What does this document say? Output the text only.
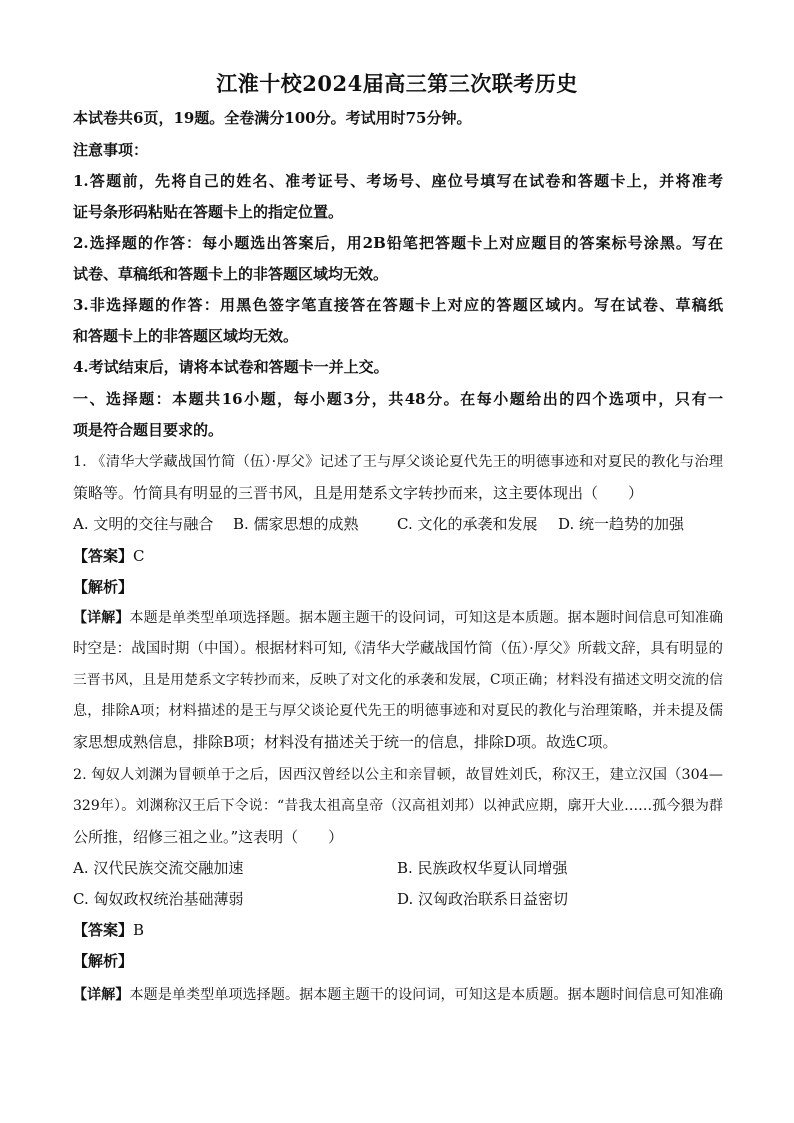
江淮十校2024届高三第三次联考历史
本试卷共6页，19题。全卷满分100分。考试用时75分钟。
注意事项：
1.答题前，先将自己的姓名、准考证号、考场号、座位号填写在试卷和答题卡上，并将准考
证号条形码粘贴在答题卡上的指定位置。
2.选择题的作答：每小题选出答案后，用2B铅笔把答题卡上对应题目的答案标号涂黑。写在
试卷、草稿纸和答题卡上的非答题区域均无效。
3.非选择题的作答：用黑色签字笔直接答在答题卡上对应的答题区域内。写在试卷、草稿纸
和答题卡上的非答题区域均无效。
4.考试结束后，请将本试卷和答题卡一并上交。
一、选择题：本题共16小题，每小题3分，共48分。在每小题给出的四个选项中，只有一
项是符合题目要求的。
1. 《清华大学藏战国竹简（伍）·厚父》记述了王与厚父谈论夏代先王的明德事迹和对夏民的教化与治理
策略等。竹简具有明显的三晋书风，且是用楚系文字转抄而来，这主要体现出（　　）
A. 文明的交往与融合 B. 儒家思想的成熟	C. 文化的承袭和发展 D. 统一趋势的加强
【答案】C
【解析】
【详解】本题是单类型单项选择题。据本题主题干的设问词，可知这是本质题。据本题时间信息可知准确
时空是：战国时期（中国）。根据材料可知,《清华大学藏战国竹简（伍）·厚父》所载文辞，具有明显的
三晋书风，且是用楚系文字转抄而来，反映了对文化的承袭和发展，C项正确；材料没有描述文明交流的信
息，排除A项；材料描述的是王与厚父谈论夏代先王的明德事迹和对夏民的教化与治理策略，并未提及儒
家思想成熟信息，排除B项；材料没有描述关于统一的信息，排除D项。故选C项。
2. 匈奴人刘渊为冒顿单于之后，因西汉曾经以公主和亲冒顿，故冒姓刘氏，称汉王，建立汉国（304—
329年）。刘渊称汉王后下令说：“昔我太祖高皇帝（汉高祖刘邦）以神武应期，廓开大业……孤今猥为群
公所推，绍修三祖之业。”这表明（　　）
A. 汉代民族交流交融加速	B. 民族政权华夏认同增强
C. 匈奴政权统治基础薄弱	D. 汉匈政治联系日益密切
【答案】B
【解析】
【详解】本题是单类型单项选择题。据本题主题干的设问词，可知这是本质题。据本题时间信息可知准确
